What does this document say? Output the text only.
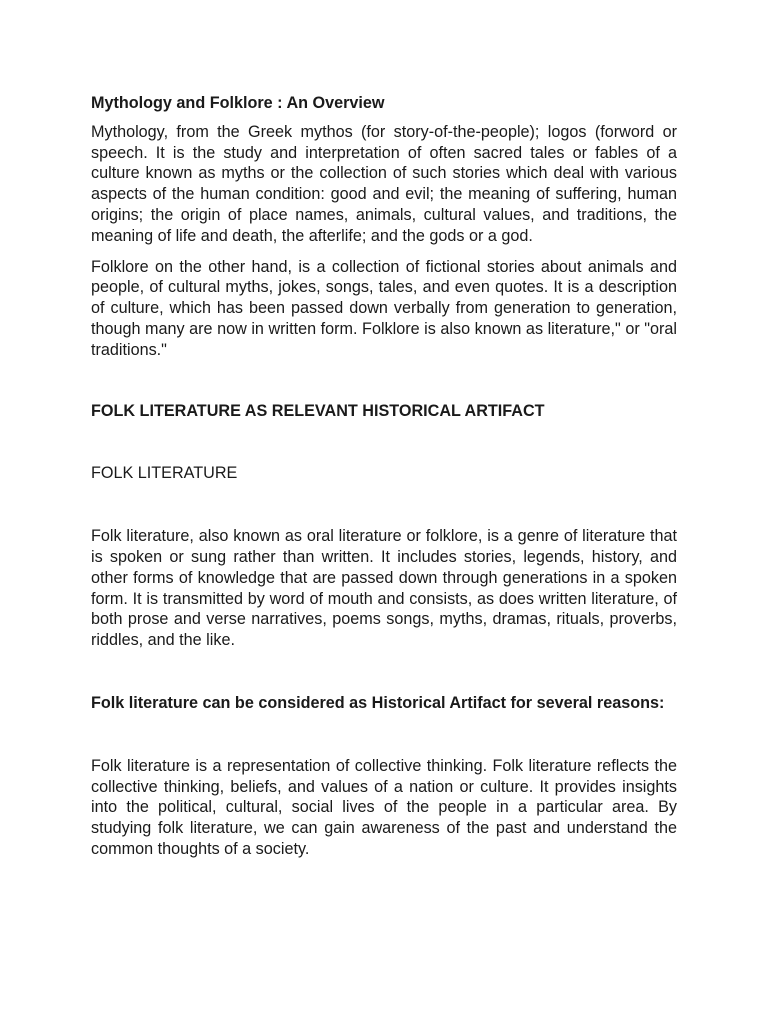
Mythology and Folklore : An Overview

Mythology, from the Greek mythos (for story-of-the-people); logos (forword or speech. It is the study and interpretation of often sacred tales or fables of a culture known as myths or the collection of such stories which deal with various aspects of the human condition: good and evil; the meaning of suffering, human origins; the origin of place names, animals, cultural values, and traditions, the meaning of life and death, the afterlife; and the gods or a god.

Folklore on the other hand, is a collection of fictional stories about animals and people, of cultural myths, jokes, songs, tales, and even quotes. It is a description of culture, which has been passed down verbally from generation to generation, though many are now in written form. Folklore is also known as literature," or "oral traditions."

FOLK LITERATURE AS RELEVANT HISTORICAL ARTIFACT

FOLK LITERATURE

Folk literature, also known as oral literature or folklore, is a genre of literature that is spoken or sung rather than written. It includes stories, legends, history, and other forms of knowledge that are passed down through generations in a spoken form. It is transmitted by word of mouth and consists, as does written literature, of both prose and verse narratives, poems songs, myths, dramas, rituals, proverbs, riddles, and the like.

Folk literature can be considered as Historical Artifact for several reasons:

Folk literature is a representation of collective thinking. Folk literature reflects the collective thinking, beliefs, and values of a nation or culture. It provides insights into the political, cultural, social lives of the people in a particular area. By studying folk literature, we can gain awareness of the past and understand the common thoughts of a society.
